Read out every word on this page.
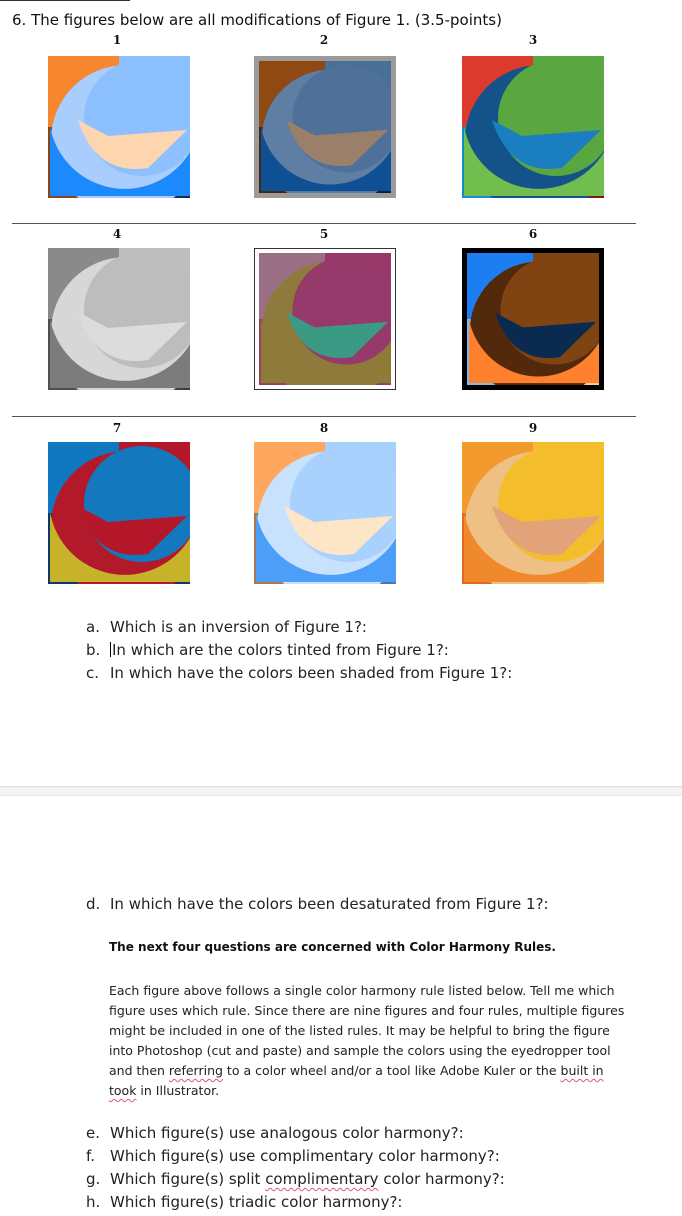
6. The figures below are all modifications of Figure 1. (3.5-points)
1	2	3
4	5	6
7	8	9
a. Which is an inversion of Figure 1?:
b. In which are the colors tinted from Figure 1?:
c. In which have the colors been shaded from Figure 1?:
d. In which have the colors been desaturated from Figure 1?:
The next four questions are concerned with Color Harmony Rules.
Each figure above follows a single color harmony rule listed below. Tell me which figure uses which rule. Since there are nine figures and four rules, multiple figures might be included in one of the listed rules. It may be helpful to bring the figure into Photoshop (cut and paste) and sample the colors using the eyedropper tool and then referring to a color wheel and/or a tool like Adobe Kuler or the built in took in Illustrator.
e. Which figure(s) use analogous color harmony?:
f. Which figure(s) use complimentary color harmony?:
g. Which figure(s) split complimentary color harmony?:
h. Which figure(s) triadic color harmony?:
